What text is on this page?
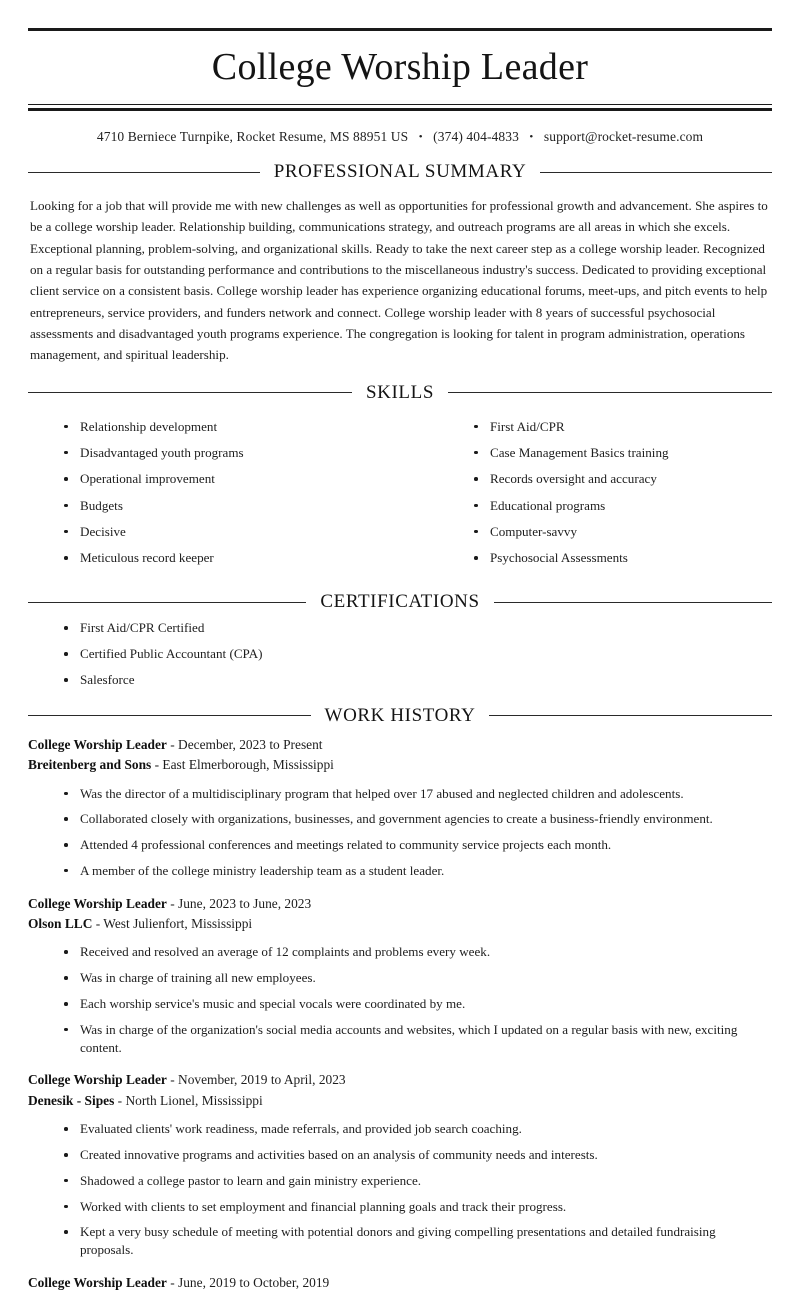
College Worship Leader
4710 Berniece Turnpike, Rocket Resume, MS 88951 US • (374) 404-4833 • support@rocket-resume.com
PROFESSIONAL SUMMARY
Looking for a job that will provide me with new challenges as well as opportunities for professional growth and advancement. She aspires to be a college worship leader. Relationship building, communications strategy, and outreach programs are all areas in which she excels. Exceptional planning, problem-solving, and organizational skills. Ready to take the next career step as a college worship leader. Recognized on a regular basis for outstanding performance and contributions to the miscellaneous industry's success. Dedicated to providing exceptional client service on a consistent basis. College worship leader has experience organizing educational forums, meet-ups, and pitch events to help entrepreneurs, service providers, and funders network and connect. College worship leader with 8 years of successful psychosocial assessments and disadvantaged youth programs experience. The congregation is looking for talent in program administration, operations management, and spiritual leadership.
SKILLS
Relationship development
Disadvantaged youth programs
Operational improvement
Budgets
Decisive
Meticulous record keeper
First Aid/CPR
Case Management Basics training
Records oversight and accuracy
Educational programs
Computer-savvy
Psychosocial Assessments
CERTIFICATIONS
First Aid/CPR Certified
Certified Public Accountant (CPA)
Salesforce
WORK HISTORY
College Worship Leader - December, 2023 to Present
Breitenberg and Sons - East Elmerborough, Mississippi
Was the director of a multidisciplinary program that helped over 17 abused and neglected children and adolescents.
Collaborated closely with organizations, businesses, and government agencies to create a business-friendly environment.
Attended 4 professional conferences and meetings related to community service projects each month.
A member of the college ministry leadership team as a student leader.
College Worship Leader - June, 2023 to June, 2023
Olson LLC - West Julienfort, Mississippi
Received and resolved an average of 12 complaints and problems every week.
Was in charge of training all new employees.
Each worship service's music and special vocals were coordinated by me.
Was in charge of the organization's social media accounts and websites, which I updated on a regular basis with new, exciting content.
College Worship Leader - November, 2019 to April, 2023
Denesik - Sipes - North Lionel, Mississippi
Evaluated clients' work readiness, made referrals, and provided job search coaching.
Created innovative programs and activities based on an analysis of community needs and interests.
Shadowed a college pastor to learn and gain ministry experience.
Worked with clients to set employment and financial planning goals and track their progress.
Kept a very busy schedule of meeting with potential donors and giving compelling presentations and detailed fundraising proposals.
College Worship Leader - June, 2019 to October, 2019
